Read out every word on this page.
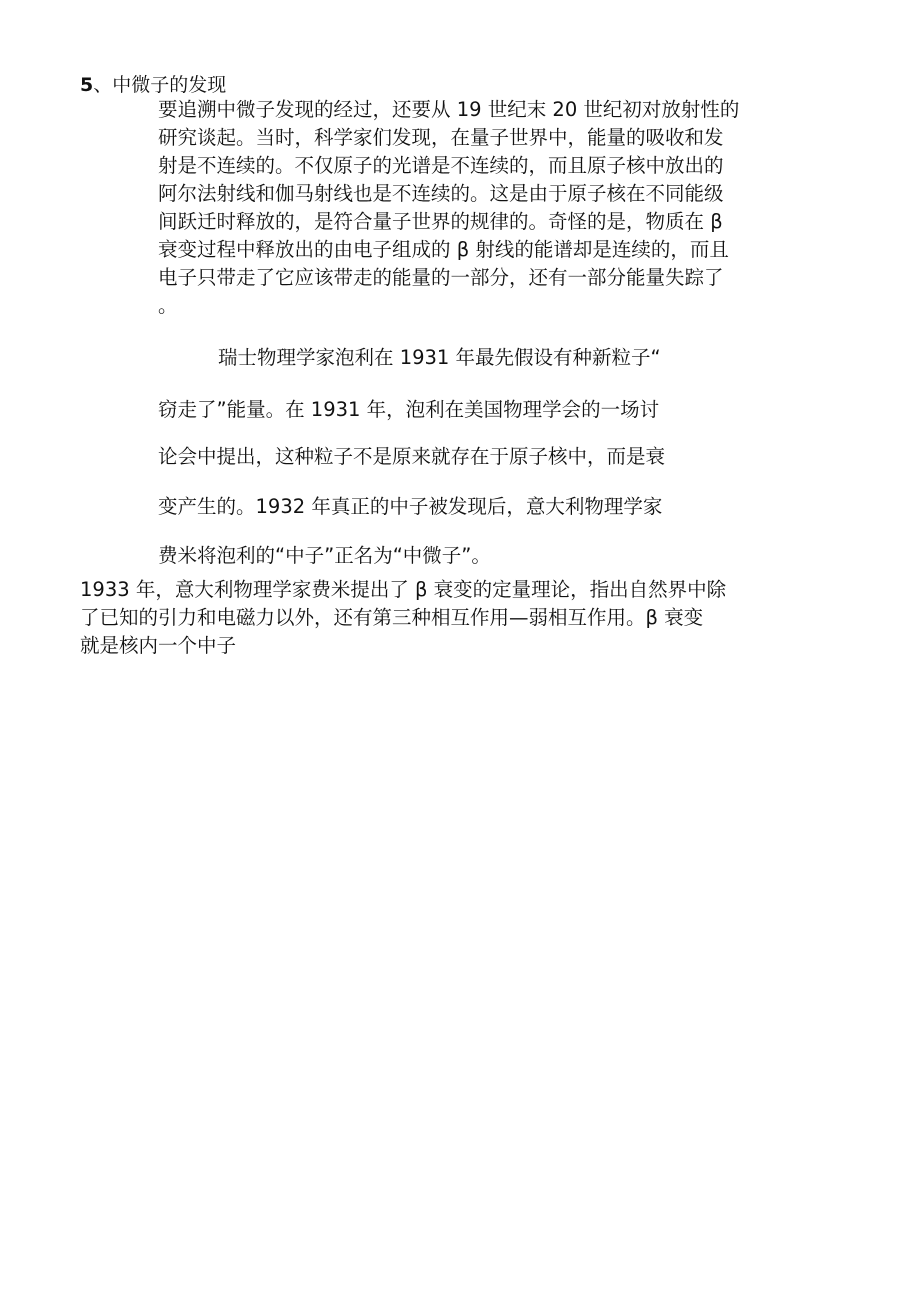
5、中微子的发现
要追溯中微子发现的经过，还要从 19 世纪末 20 世纪初对放射性的
研究谈起。当时，科学家们发现，在量子世界中，能量的吸收和发
射是不连续的。不仅原子的光谱是不连续的，而且原子核中放出的
阿尔法射线和伽马射线也是不连续的。这是由于原子核在不同能级
间跃迁时释放的，是符合量子世界的规律的。奇怪的是，物质在 β
衰变过程中释放出的由电子组成的 β 射线的能谱却是连续的，而且
电子只带走了它应该带走的能量的一部分，还有一部分能量失踪了
。
瑞士物理学家泡利在 1931 年最先假设有种新粒子“
窃走了”能量。在 1931 年，泡利在美国物理学会的一场讨
论会中提出，这种粒子不是原来就存在于原子核中，而是衰
变产生的。1932 年真正的中子被发现后，意大利物理学家
费米将泡利的“中子”正名为“中微子”。
1933 年，意大利物理学家费米提出了 β 衰变的定量理论，指出自然界中除
了已知的引力和电磁力以外，还有第三种相互作用—弱相互作用。β 衰变
就是核内一个中子
